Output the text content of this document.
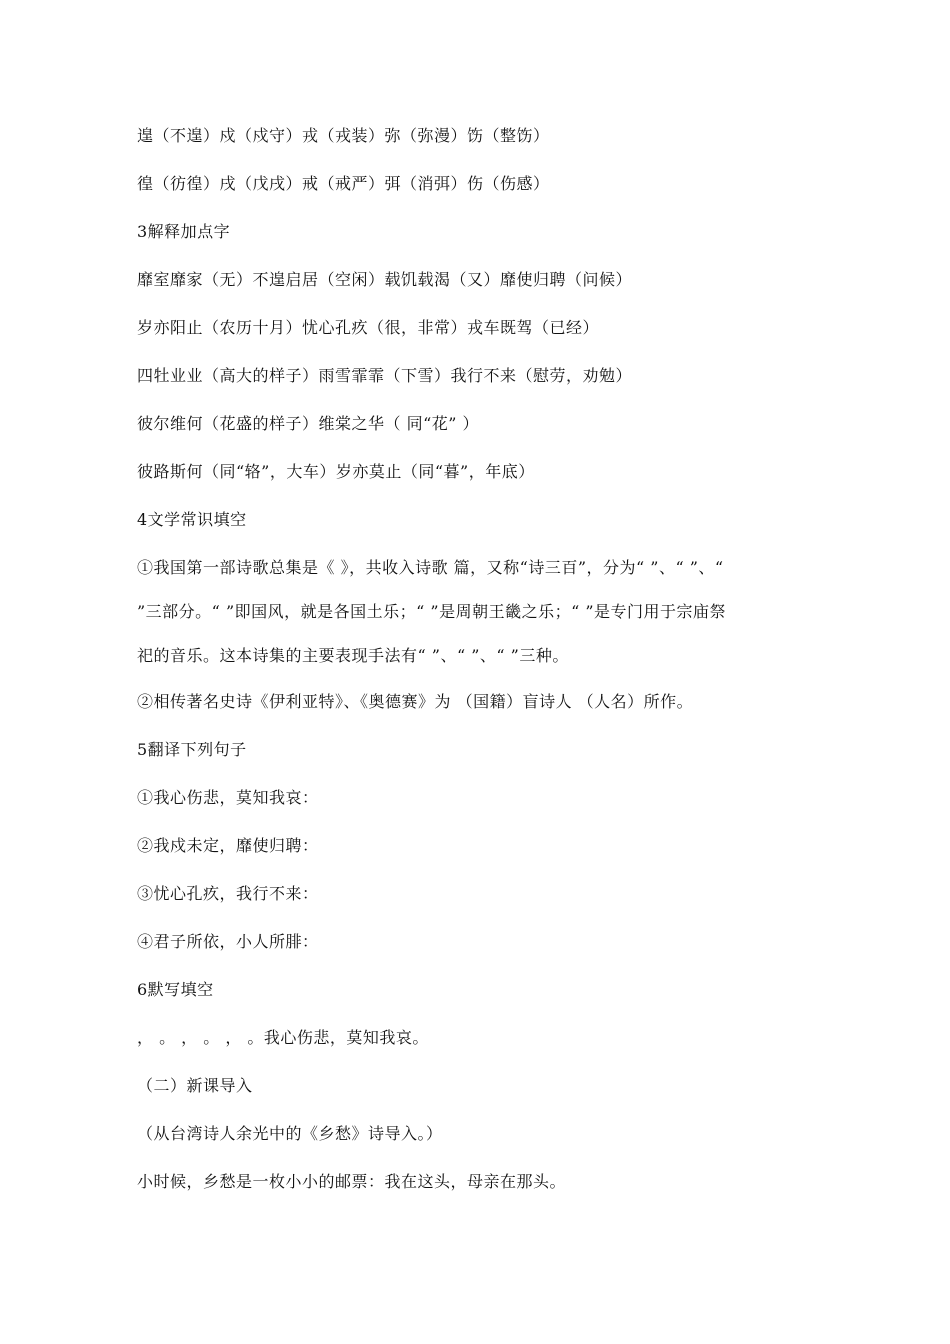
遑（不遑）戍（戍守）戎（戎装）弥（弥漫）饬（整饬）
徨（彷徨）戌（戊戌）戒（戒严）弭（消弭）伤（伤感）
3解释加点字
靡室靡家（无）不遑启居（空闲）载饥载渴（又）靡使归聘（问候）
岁亦阳止（农历十月）忧心孔疚（很，非常）戎车既驾（已经）
四牡业业（高大的样子）雨雪霏霏（下雪）我行不来（慰劳，劝勉）
彼尔维何（花盛的样子）维棠之华（ 同“花” ）
彼路斯何（同“辂”，大车）岁亦莫止（同“暮”，年底）
4文学常识填空
①我国第一部诗歌总集是《 》，共收入诗歌 篇，又称“诗三百”，分为“ ”、“ ”、“
”三部分。“ ”即国风，就是各国土乐；“ ”是周朝王畿之乐；“ ”是专门用于宗庙祭
祀的音乐。这本诗集的主要表现手法有“ ”、“ ”、“ ”三种。
②相传著名史诗《伊利亚特》、《奥德赛》为 （国籍）盲诗人 （人名）所作。
5翻译下列句子
①我心伤悲，莫知我哀：
②我戍未定，靡使归聘：
③忧心孔疚，我行不来：
④君子所依，小人所腓：
6默写填空
， 。 ， 。 ， 。我心伤悲，莫知我哀。
（二）新课导入
（从台湾诗人余光中的《乡愁》诗导入。）
小时候，乡愁是一枚小小的邮票：我在这头，母亲在那头。
